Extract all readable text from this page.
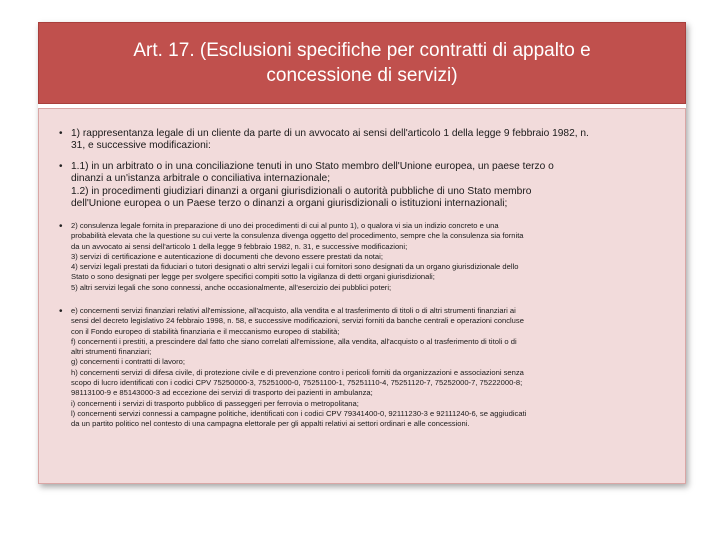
Art. 17. (Esclusioni specifiche per contratti di appalto e
concessione di servizi)
• 1) rappresentanza legale di un cliente da parte di un avvocato ai sensi dell'articolo 1 della legge 9 febbraio 1982, n.
31, e successive modificazioni:
• 1.1) in un arbitrato o in una conciliazione tenuti in uno Stato membro dell'Unione europea, un paese terzo o
dinanzi a un'istanza arbitrale o conciliativa internazionale;
1.2) in procedimenti giudiziari dinanzi a organi giurisdizionali o autorità pubbliche di uno Stato membro
dell'Unione europea o un Paese terzo o dinanzi a organi giurisdizionali o istituzioni internazionali;
• 2) consulenza legale fornita in preparazione di uno dei procedimenti di cui al punto 1), o qualora vi sia un indizio concreto e una
probabilità elevata che la questione su cui verte la consulenza divenga oggetto del procedimento, sempre che la consulenza sia fornita
da un avvocato ai sensi dell'articolo 1 della legge 9 febbraio 1982, n. 31, e successive modificazioni;
3) servizi di certificazione e autenticazione di documenti che devono essere prestati da notai;
4) servizi legali prestati da fiduciari o tutori designati o altri servizi legali i cui fornitori sono designati da un organo giurisdizionale dello
Stato o sono designati per legge per svolgere specifici compiti sotto la vigilanza di detti organi giurisdizionali;
5) altri servizi legali che sono connessi, anche occasionalmente, all'esercizio dei pubblici poteri;
• e) concernenti servizi finanziari relativi all'emissione, all'acquisto, alla vendita e al trasferimento di titoli o di altri strumenti finanziari ai
sensi del decreto legislativo 24 febbraio 1998, n. 58, e successive modificazioni, servizi forniti da banche centrali e operazioni concluse
con il Fondo europeo di stabilità finanziaria e il meccanismo europeo di stabilità;
f) concernenti i prestiti, a prescindere dal fatto che siano correlati all'emissione, alla vendita, all'acquisto o al trasferimento di titoli o di
altri strumenti finanziari;
g) concernenti i contratti di lavoro;
h) concernenti servizi di difesa civile, di protezione civile e di prevenzione contro i pericoli forniti da organizzazioni e associazioni senza
scopo di lucro identificati con i codici CPV 75250000-3, 75251000-0, 75251100-1, 75251110-4, 75251120-7, 75252000-7, 75222000-8;
98113100-9 e 85143000-3 ad eccezione dei servizi di trasporto dei pazienti in ambulanza;
i) concernenti i servizi di trasporto pubblico di passeggeri per ferrovia o metropolitana;
l) concernenti servizi connessi a campagne politiche, identificati con i codici CPV 79341400-0, 92111230-3 e 92111240-6, se aggiudicati
da un partito politico nel contesto di una campagna elettorale per gli appalti relativi ai settori ordinari e alle concessioni.
